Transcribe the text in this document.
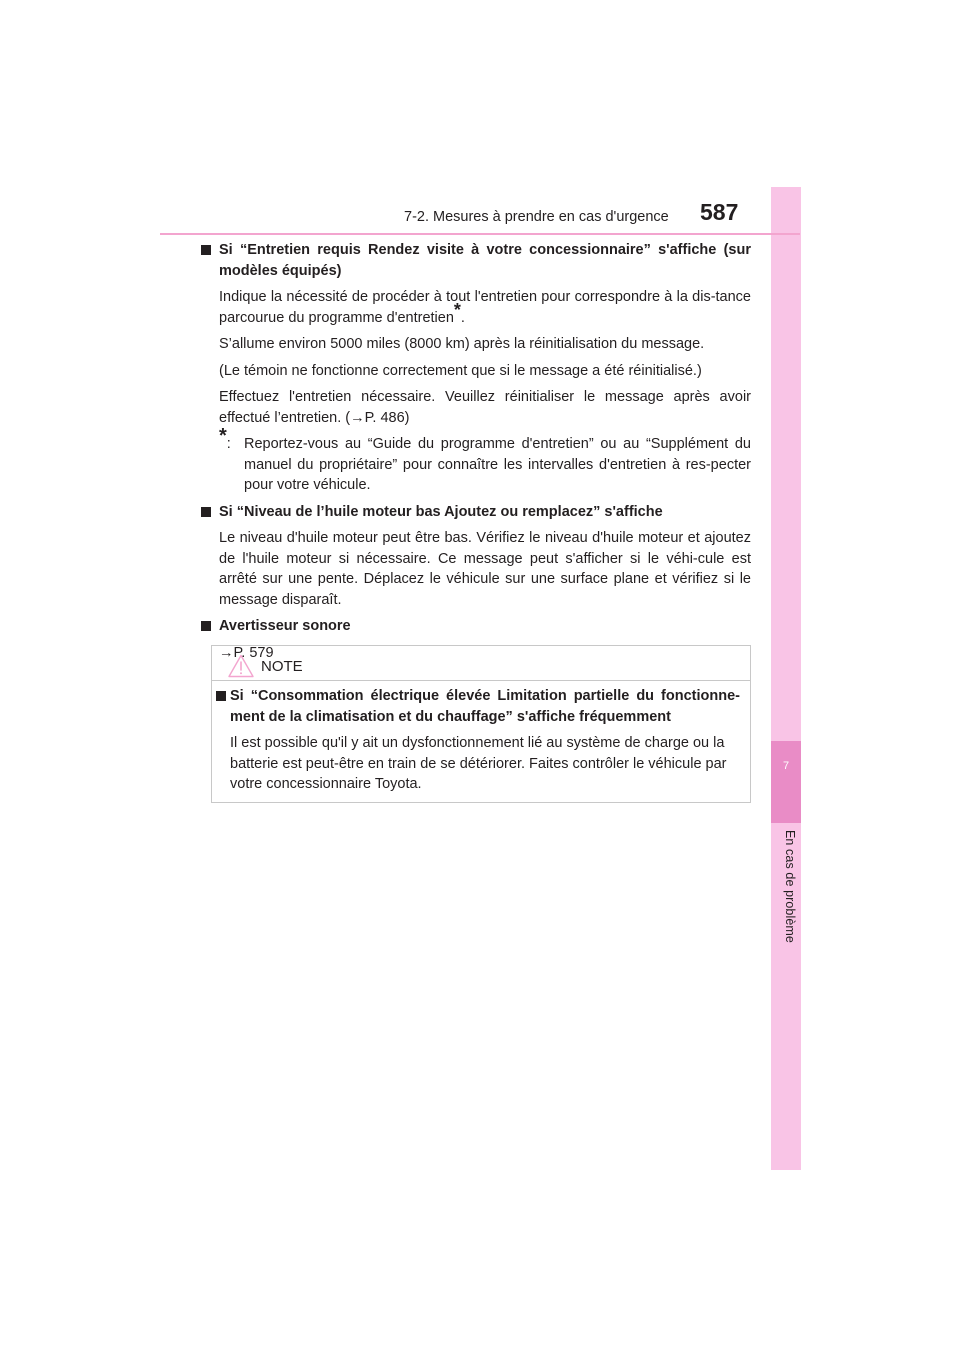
7
En cas de problème
7-2. Mesures à prendre en cas d'urgence 587
Si “Entretien requis Rendez visite à votre concessionnaire” s'affiche (sur modèles équipés)

Indique la nécessité de procéder à tout l'entretien pour correspondre à la dis-tance parcourue du programme d'entretien*.

S’allume environ 5000 miles (8000 km) après la réinitialisation du message.

(Le témoin ne fonctionne correctement que si le message a été réinitialisé.)

Effectuez l'entretien nécessaire. Veuillez réinitialiser le message après avoir effectué l’entretien. (→P. 486)

*: Reportez-vous au “Guide du programme d'entretien” ou au “Supplément du manuel du propriétaire” pour connaître les intervalles d'entretien à res-pecter pour votre véhicule.
Si “Niveau de l’huile moteur bas Ajoutez ou remplacez” s'affiche

Le niveau d'huile moteur peut être bas. Vérifiez le niveau d'huile moteur et ajoutez de l'huile moteur si nécessaire. Ce message peut s'afficher si le véhi-cule est arrêté sur une pente. Déplacez le véhicule sur une surface plane et vérifiez si le message disparaît.

Avertisseur sonore

→P. 579

NOTE
Si “Consommation électrique élevée Limitation partielle du fonctionne-ment de la climatisation et du chauffage” s'affiche fréquemment

Il est possible qu'il y ait un dysfonctionnement lié au système de charge ou la batterie est peut-être en train de se détériorer. Faites contrôler le véhicule par votre concessionnaire Toyota.
